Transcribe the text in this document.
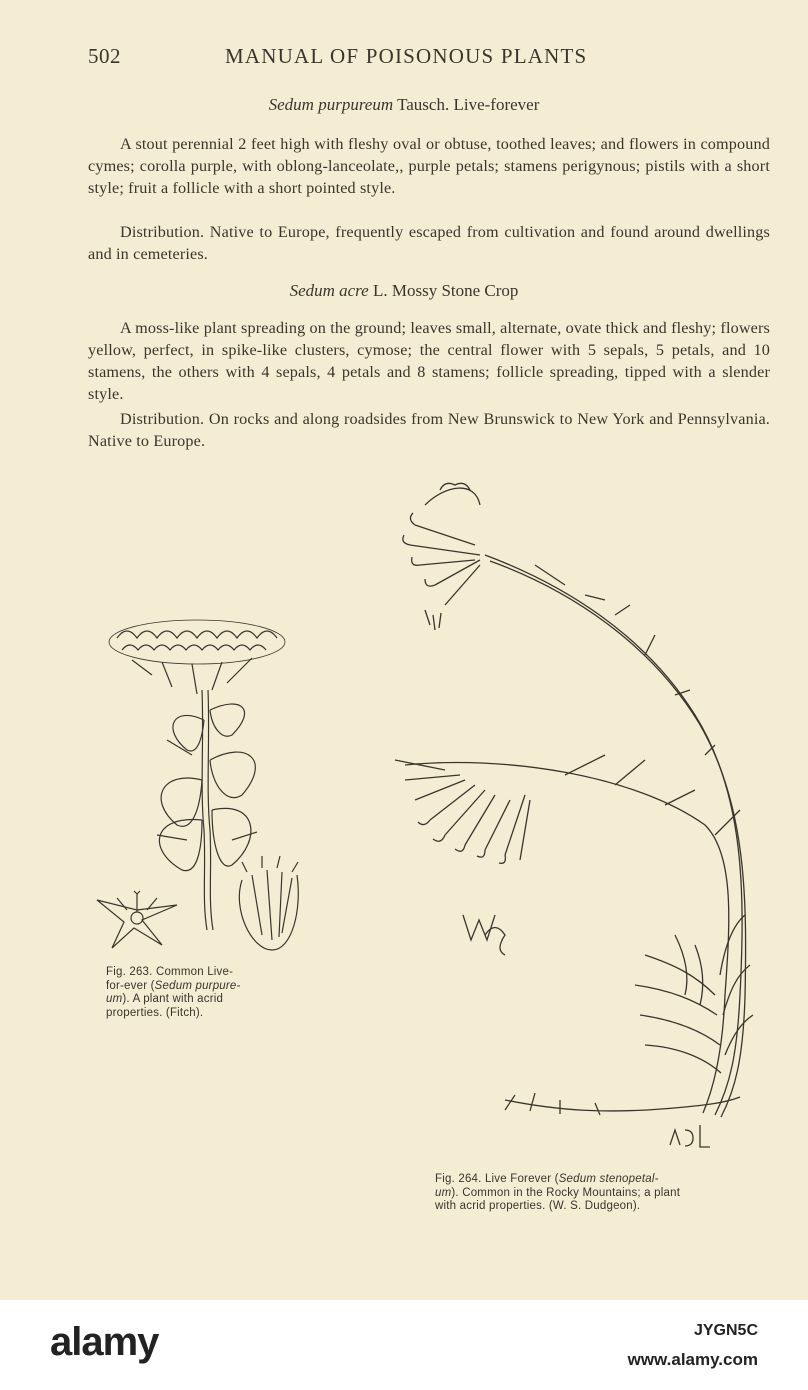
502	MANUAL OF POISONOUS PLANTS
Sedum purpureum Tausch. Live-forever

A stout perennial 2 feet high with fleshy oval or obtuse, toothed leaves; and flowers in compound cymes; corolla purple, with oblong-lanceolate,, purple petals; stamens perigynous; pistils with a short style; fruit a follicle with a short pointed style.

Distribution. Native to Europe, frequently escaped from cultivation and found around dwellings and in cemeteries.

Sedum acre L. Mossy Stone Crop

A moss-like plant spreading on the ground; leaves small, alternate, ovate thick and fleshy; flowers yellow, perfect, in spike-like clusters, cymose; the central flower with 5 sepals, 5 petals, and 10 stamens, the others with 4 sepals, 4 petals and 8 stamens; follicle spreading, tipped with a slender style.

Distribution. On rocks and along roadsides from New Brunswick to New York and Pennsylvania. Native to Europe.

Fig. 263. Common Live-
for-ever (Sedum purpure-
um). A plant with acrid
properties. (Fitch).
Fig. 264. Live Forever (Sedum stenopetal-
um). Common in the Rocky Mountains; a plant
with acrid properties. (W. S. Dudgeon).
alamy	JYGN5C
www.alamy.com
